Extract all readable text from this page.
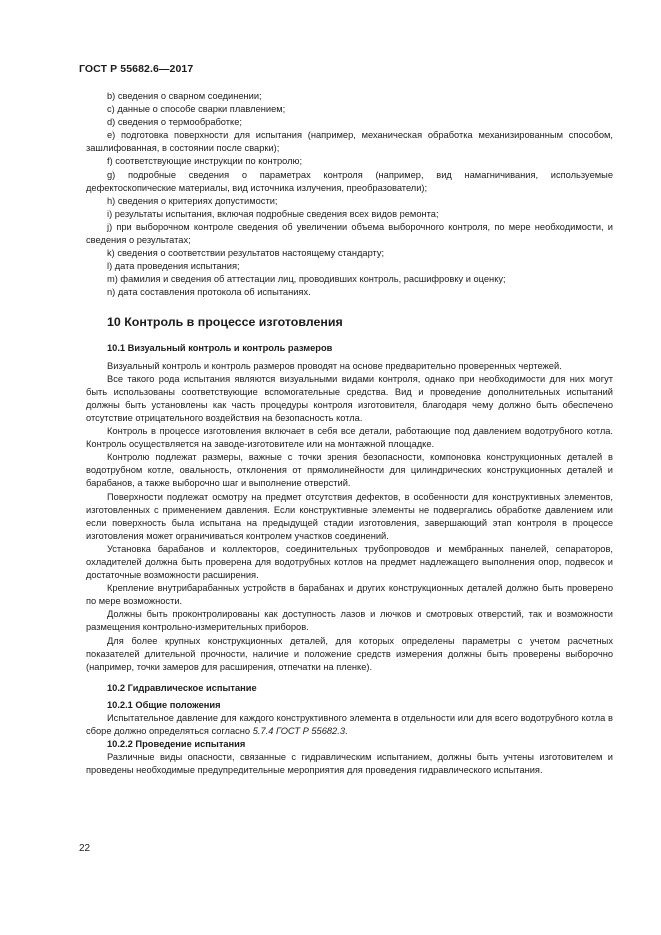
ГОСТ Р 55682.6—2017

b) сведения о сварном соединении;

c) данные о способе сварки плавлением;

d) сведения о термообработке;

e) подготовка поверхности для испытания (например, механическая обработка механизированным способом, зашлифованная, в состоянии после сварки);

f) соответствующие инструкции по контролю;

g) подробные сведения о параметрах контроля (например, вид намагничивания, используемые дефектоскопические материалы, вид источника излучения, преобразователи);

h) сведения о критериях допустимости;

i) результаты испытания, включая подробные сведения всех видов ремонта;

j) при выборочном контроле сведения об увеличении объема выборочного контроля, по мере необходимости, и сведения о результатах;

k) сведения о соответствии результатов настоящему стандарту;

l) дата проведения испытания;

m) фамилия и сведения об аттестации лиц, проводивших контроль, расшифровку и оценку;

n) дата составления протокола об испытаниях.

10 Контроль в процессе изготовления

10.1 Визуальный контроль и контроль размеров

Визуальный контроль и контроль размеров проводят на основе предварительно проверенных чертежей.

Все такого рода испытания являются визуальными видами контроля, однако при необходимости для них могут быть использованы соответствующие вспомогательные средства. Вид и проведение дополнительных испытаний должны быть установлены как часть процедуры контроля изготовителя, благодаря чему должно быть обеспечено отсутствие отрицательного воздействия на безопасность котла.

Контроль в процессе изготовления включает в себя все детали, работающие под давлением водотрубного котла. Контроль осуществляется на заводе-изготовителе или на монтажной площадке.

Контролю подлежат размеры, важные с точки зрения безопасности, компоновка конструкционных деталей в водотрубном котле, овальность, отклонения от прямолинейности для цилиндрических конструкционных деталей и барабанов, а также выборочно шаг и выполнение отверстий.

Поверхности подлежат осмотру на предмет отсутствия дефектов, в особенности для конструктивных элементов, изготовленных с применением давления. Если конструктивные элементы не подвергались обработке давлением или если поверхность была испытана на предыдущей стадии изготовления, завершающий этап контроля в процессе изготовления может ограничиваться контролем участков соединений.

Установка барабанов и коллекторов, соединительных трубопроводов и мембранных панелей, сепараторов, охладителей должна быть проверена для водотрубных котлов на предмет надлежащего выполнения опор, подвесок и достаточные возможности расширения.

Крепление внутрибарабанных устройств в барабанах и других конструкционных деталей должно быть проверено по мере возможности.

Должны быть проконтролированы как доступность лазов и лючков и смотровых отверстий, так и возможности размещения контрольно-измерительных приборов.

Для более крупных конструкционных деталей, для которых определены параметры с учетом расчетных показателей длительной прочности, наличие и положение средств измерения должны быть проверены выборочно (например, точки замеров для расширения, отпечатки на пленке).

10.2 Гидравлическое испытание

10.2.1 Общие положения

Испытательное давление для каждого конструктивного элемента в отдельности или для всего водотрубного котла в сборе должно определяться согласно 5.7.4 ГОСТ Р 55682.3.

10.2.2 Проведение испытания

Различные виды опасности, связанные с гидравлическим испытанием, должны быть учтены изготовителем и проведены необходимые предупредительные мероприятия для проведения гидравлического испытания.

22
